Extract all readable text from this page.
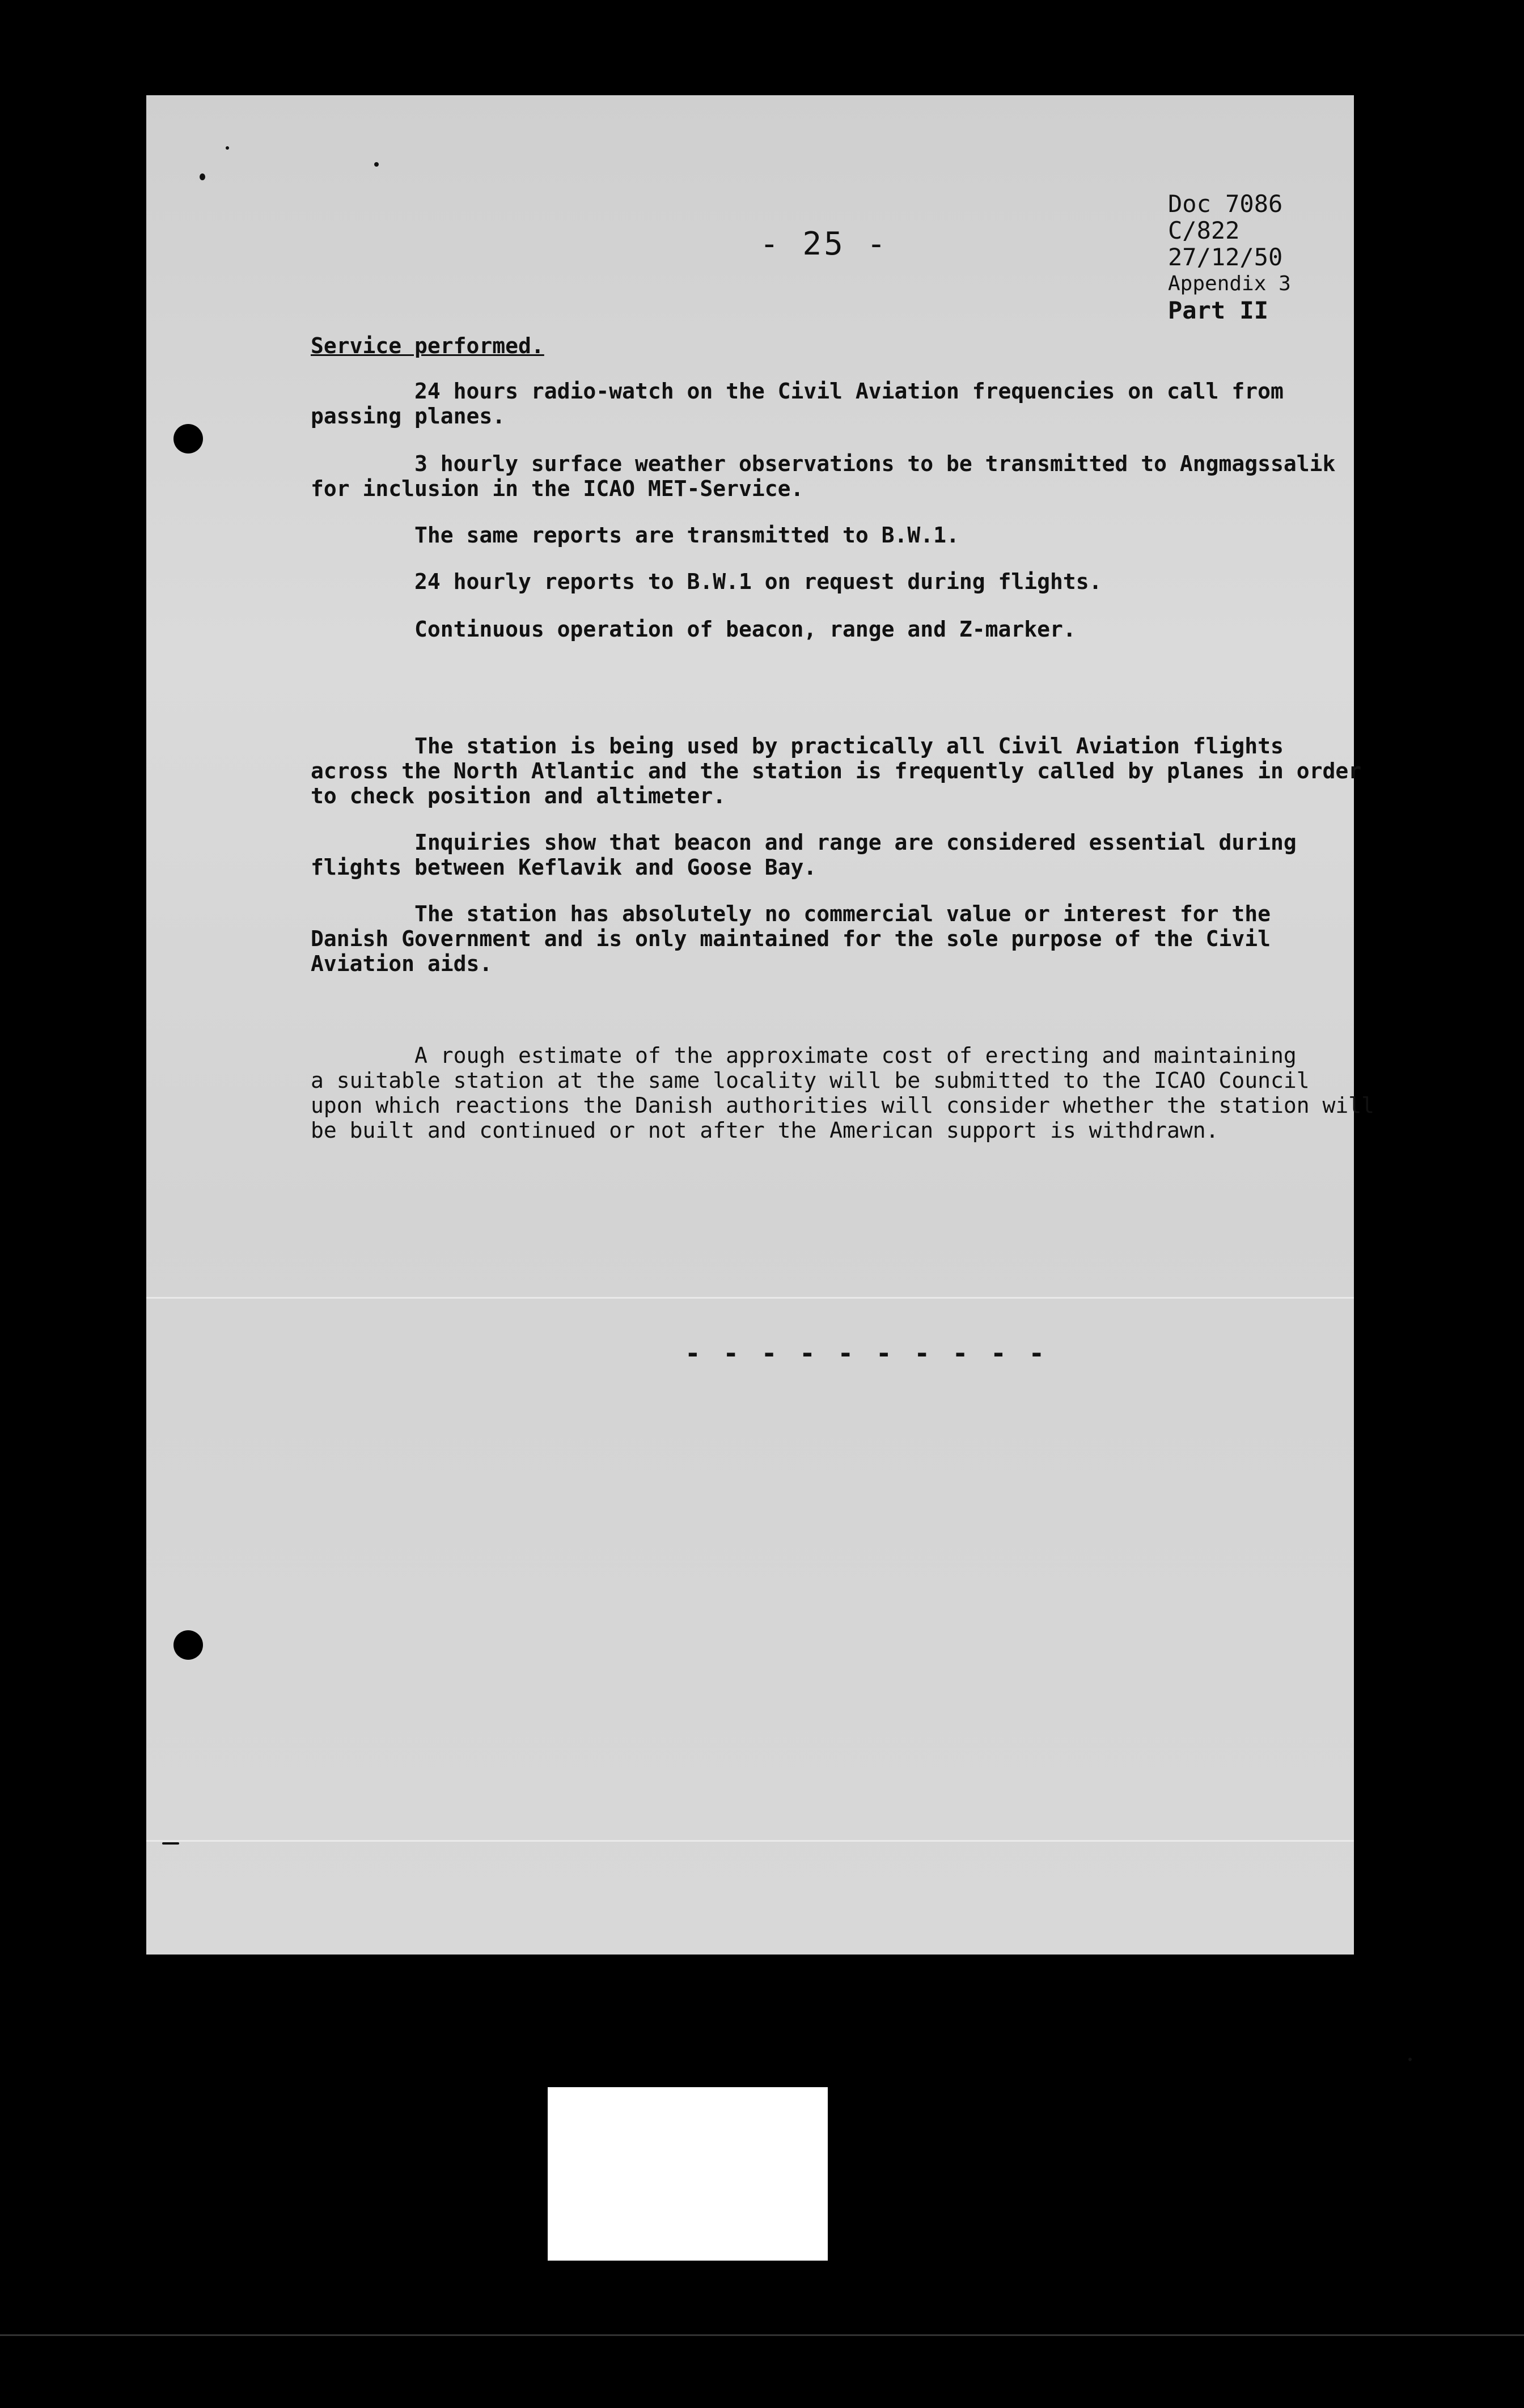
- 25 -
Doc 7086
C/822
27/12/50
Appendix 3
Part II
Service performed.
24 hours radio-watch on the Civil Aviation frequencies on call from
passing planes.
3 hourly surface weather observations to be transmitted to Angmagssalik
for inclusion in the ICAO MET-Service.
The same reports are transmitted to B.W.1.
24 hourly reports to B.W.1 on request during flights.
Continuous operation of beacon, range and Z-marker.
The station is being used by practically all Civil Aviation flights
across the North Atlantic and the station is frequently called by planes in
to check position and altimeter.
Inquiries show that beacon and range are considered essential during
flights between Keflavik and Goose Bay.
The station has absolutely no commercial value or interest for the
Danish Government and is only maintained for the sole purpose of the Civil
Aviation aids.
A rough estimate of the approximate cost of erecting and maintaining
a suitable station at the same locality will be submitted to the ICAO Council
upon which reactions the Danish authorities will consider whether the station
be built and continued or not after the American support is withdrawn.
- - - - - - - - - -
